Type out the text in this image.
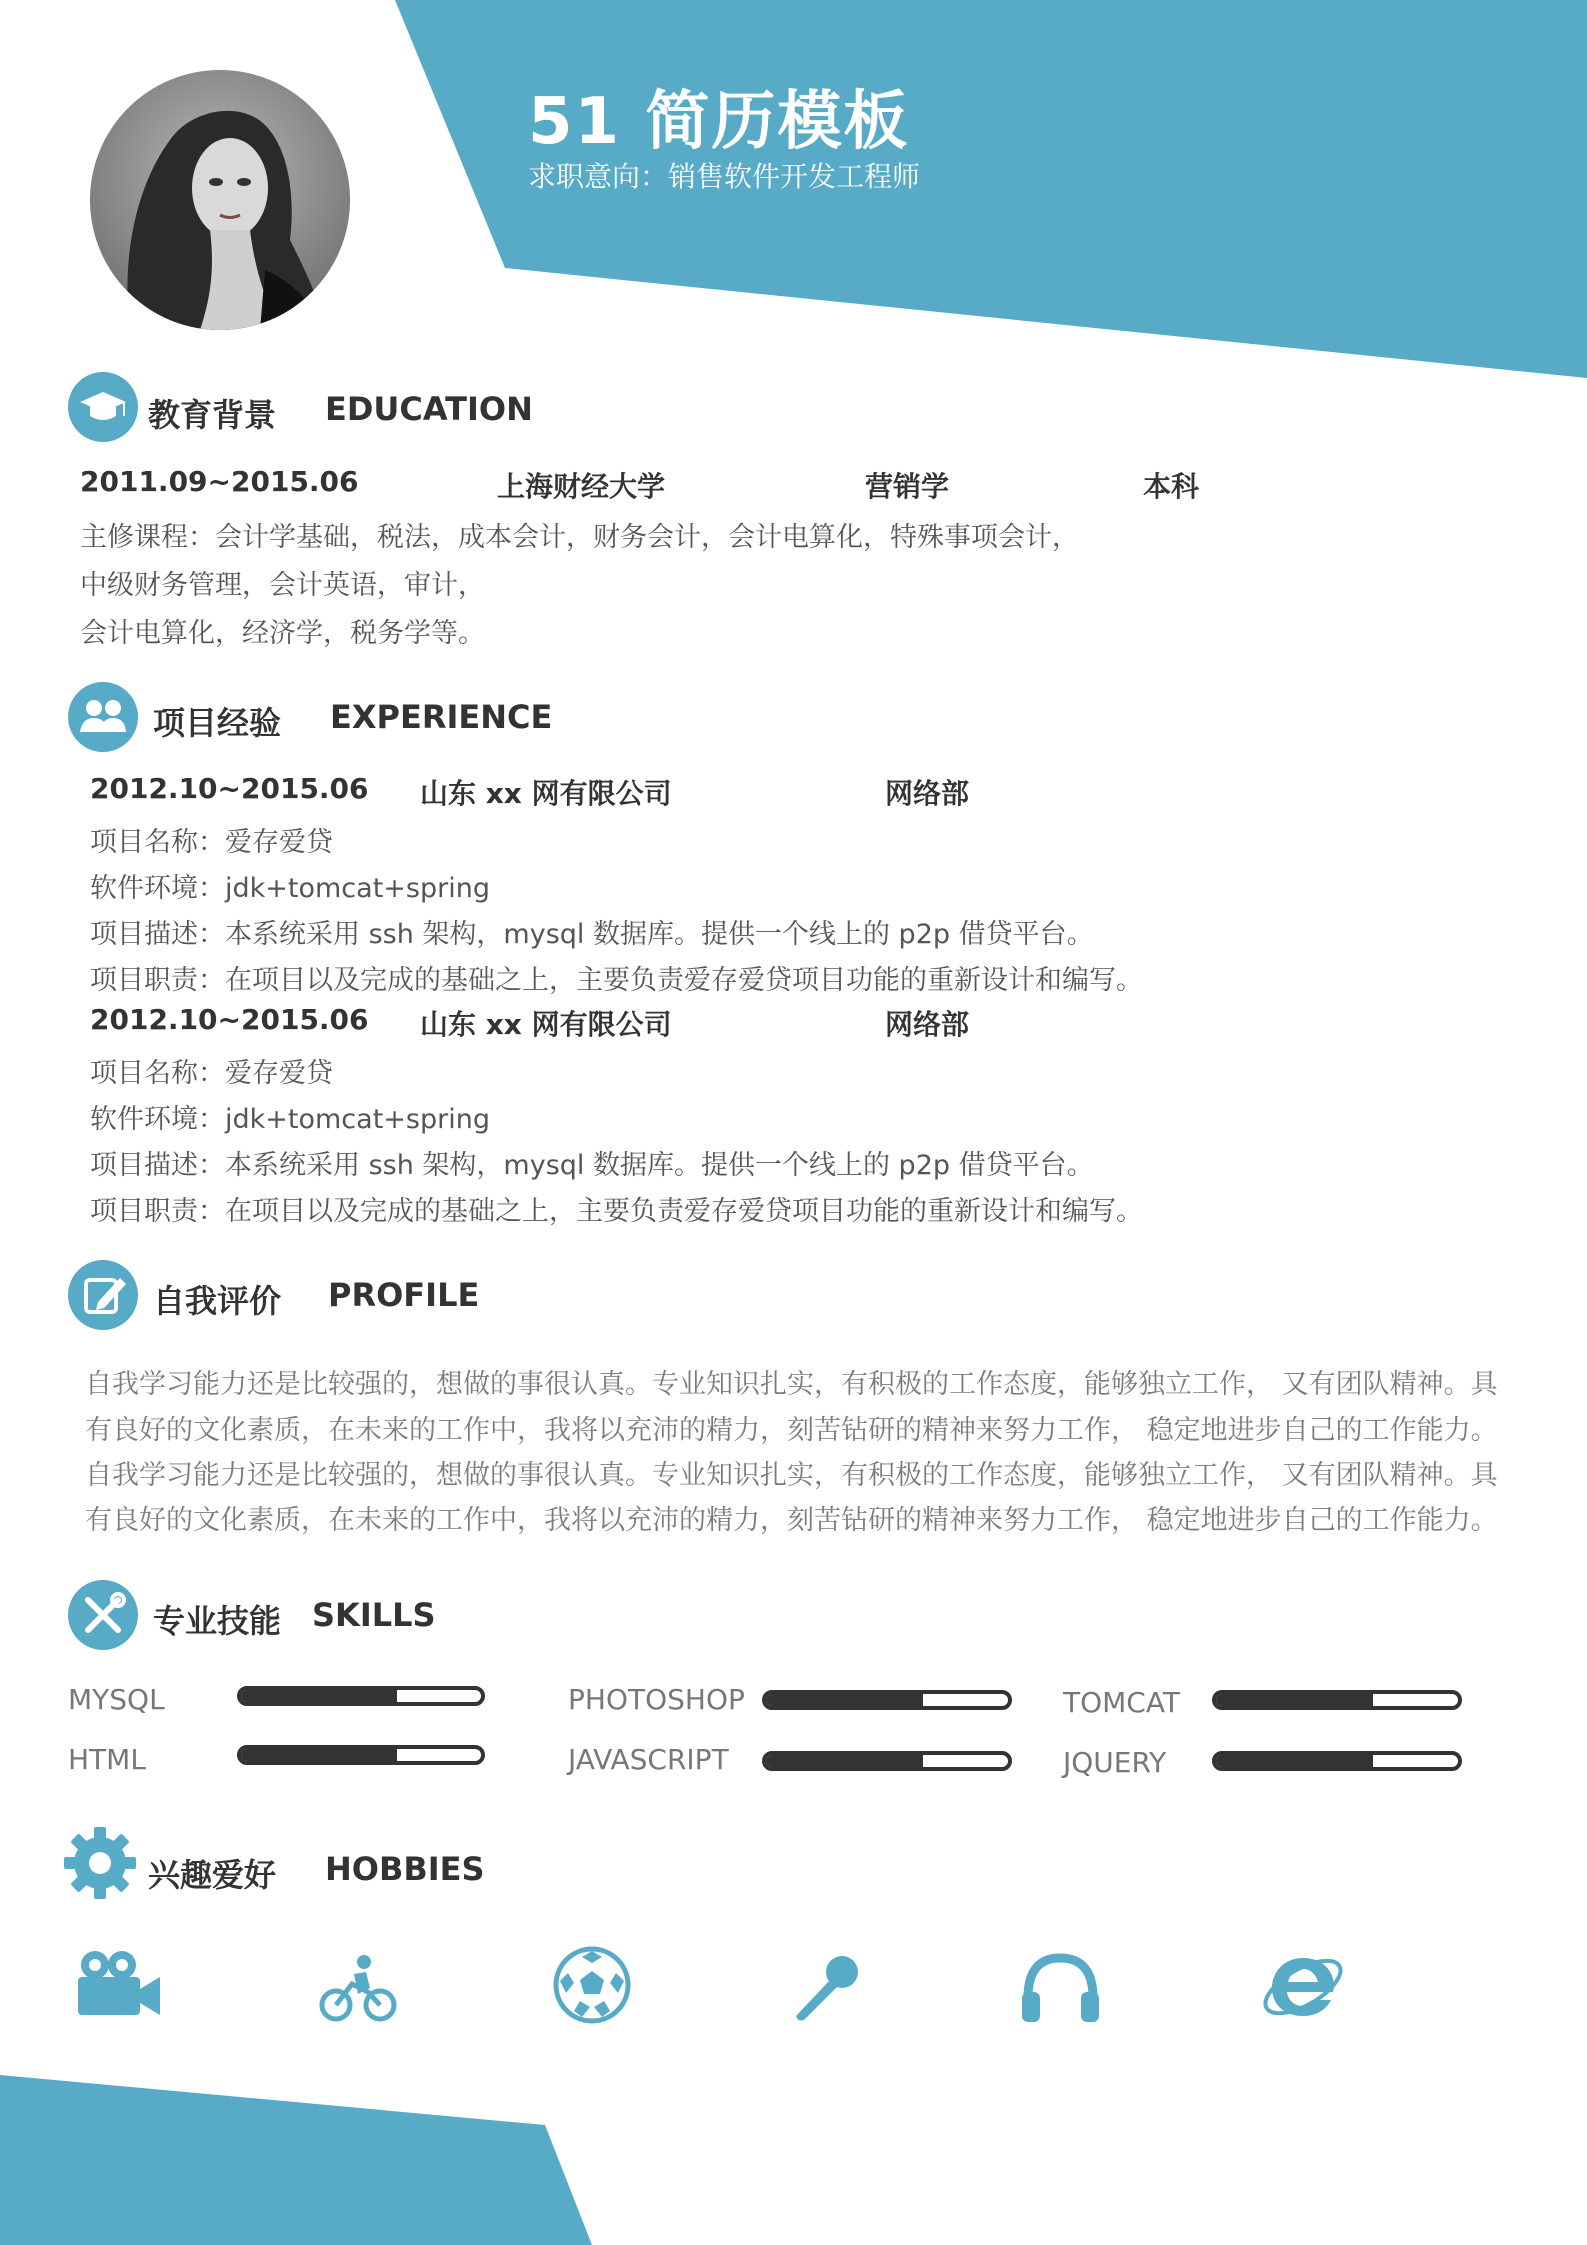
51 简历模板
求职意向：销售软件开发工程师
教育背景 EDUCATION
2011.09~2015.06	上海财经大学	营销学	本科
主修课程：会计学基础，税法，成本会计，财务会计，会计电算化，特殊事项会计，
中级财务管理，会计英语，审计，
会计电算化，经济学，税务学等。
项目经验 EXPERIENCE
2012.10~2015.06 山东 xx 网有限公司	网络部
项目名称：爱存爱贷
软件环境：jdk+tomcat+spring
项目描述：本系统采用 ssh 架构，mysql 数据库。提供一个线上的 p2p 借贷平台。
项目职责：在项目以及完成的基础之上，主要负责爱存爱贷项目功能的重新设计和编写。
2012.10~2015.06 山东 xx 网有限公司	网络部
项目名称：爱存爱贷
软件环境：jdk+tomcat+spring
项目描述：本系统采用 ssh 架构，mysql 数据库。提供一个线上的 p2p 借贷平台。
项目职责：在项目以及完成的基础之上，主要负责爱存爱贷项目功能的重新设计和编写。
自我评价 PROFILE
自我学习能力还是比较强的，想做的事很认真。专业知识扎实，有积极的工作态度，能够独立工作， 又有团队精神。具
有良好的文化素质，在未来的工作中，我将以充沛的精力，刻苦钻研的精神来努力工作， 稳定地进步自己的工作能力。
自我学习能力还是比较强的，想做的事很认真。专业知识扎实，有积极的工作态度，能够独立工作， 又有团队精神。具
有良好的文化素质，在未来的工作中，我将以充沛的精力，刻苦钻研的精神来努力工作， 稳定地进步自己的工作能力。
专业技能 SKILLS
MYSQL	PHOTOSHOP	TOMCAT
HTML	JAVASCRIPT	JQUERY
兴趣爱好 HOBBIES
